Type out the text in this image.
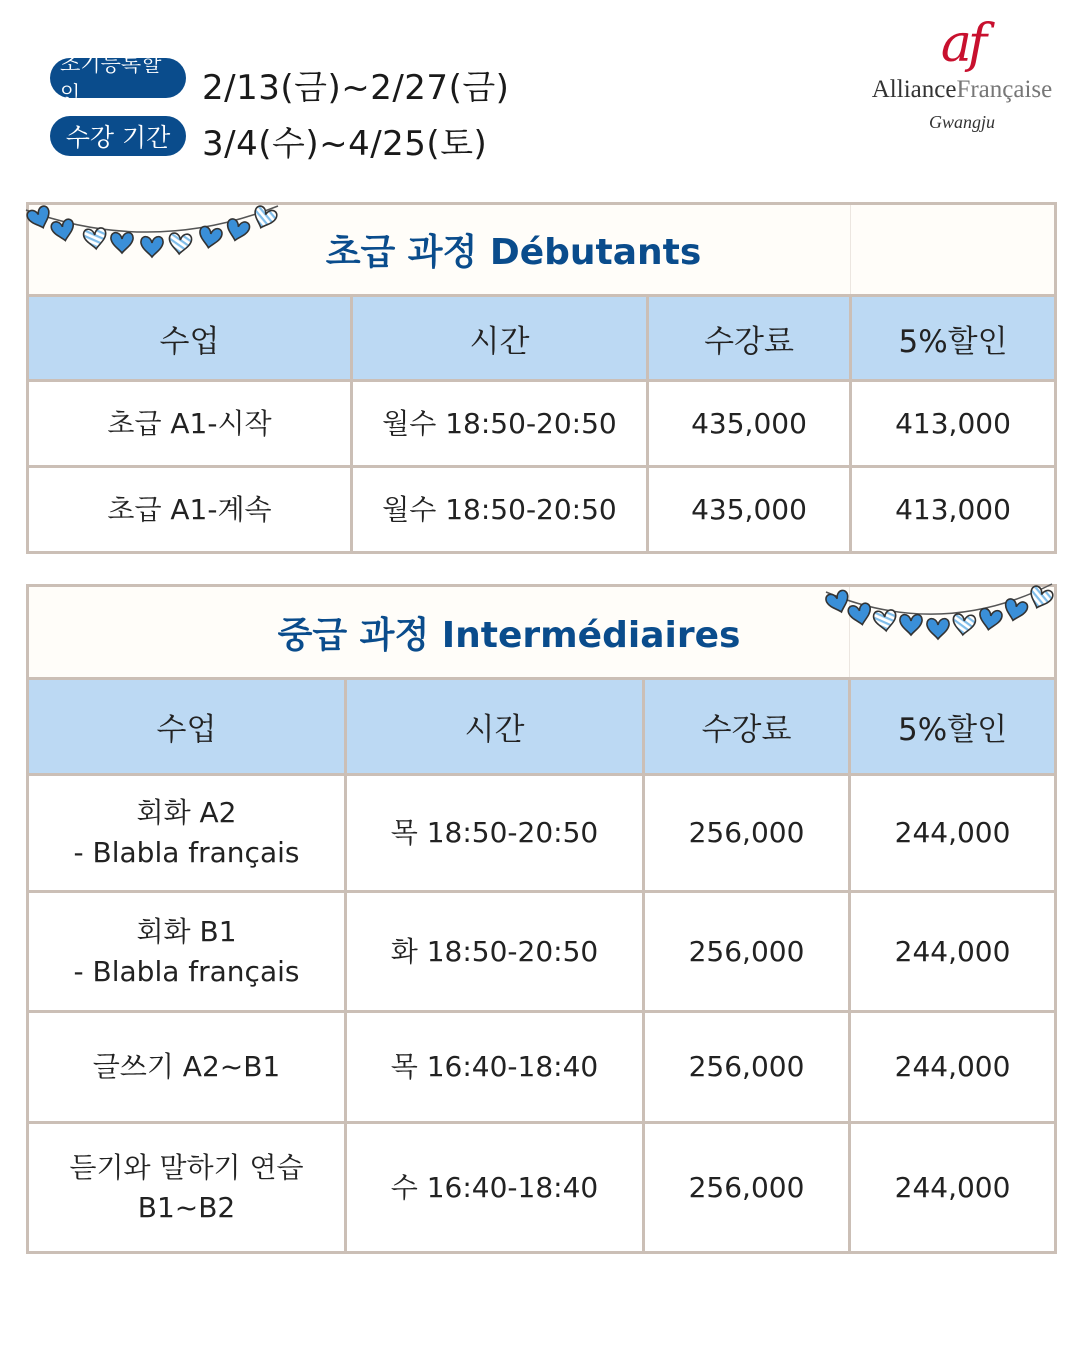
조기등록할인	2/13(금)~2/27(금)
수강 기간 3/4(수)~4/25(토)
af
AllianceFrançaise
Gwangju
초급 과정 Débutants			
수업	시간	수강료	5%할인
초급 A1-시작	월수 18:50-20:50	435,000	413,000
초급 A1-계속	월수 18:50-20:50	435,000	413,000
중급 과정 Intermédiaires			
수업	시간	수강료	5%할인

회화 A2
- Blabla français	목 18:50-20:50	256,000	244,000

회화 B1
- Blabla français	화 18:50-20:50	256,000	244,000

글쓰기 A2~B1	목 16:40-18:40	256,000	244,000

듣기와 말하기 연습
B1~B2	수 16:40-18:40	256,000	244,000
